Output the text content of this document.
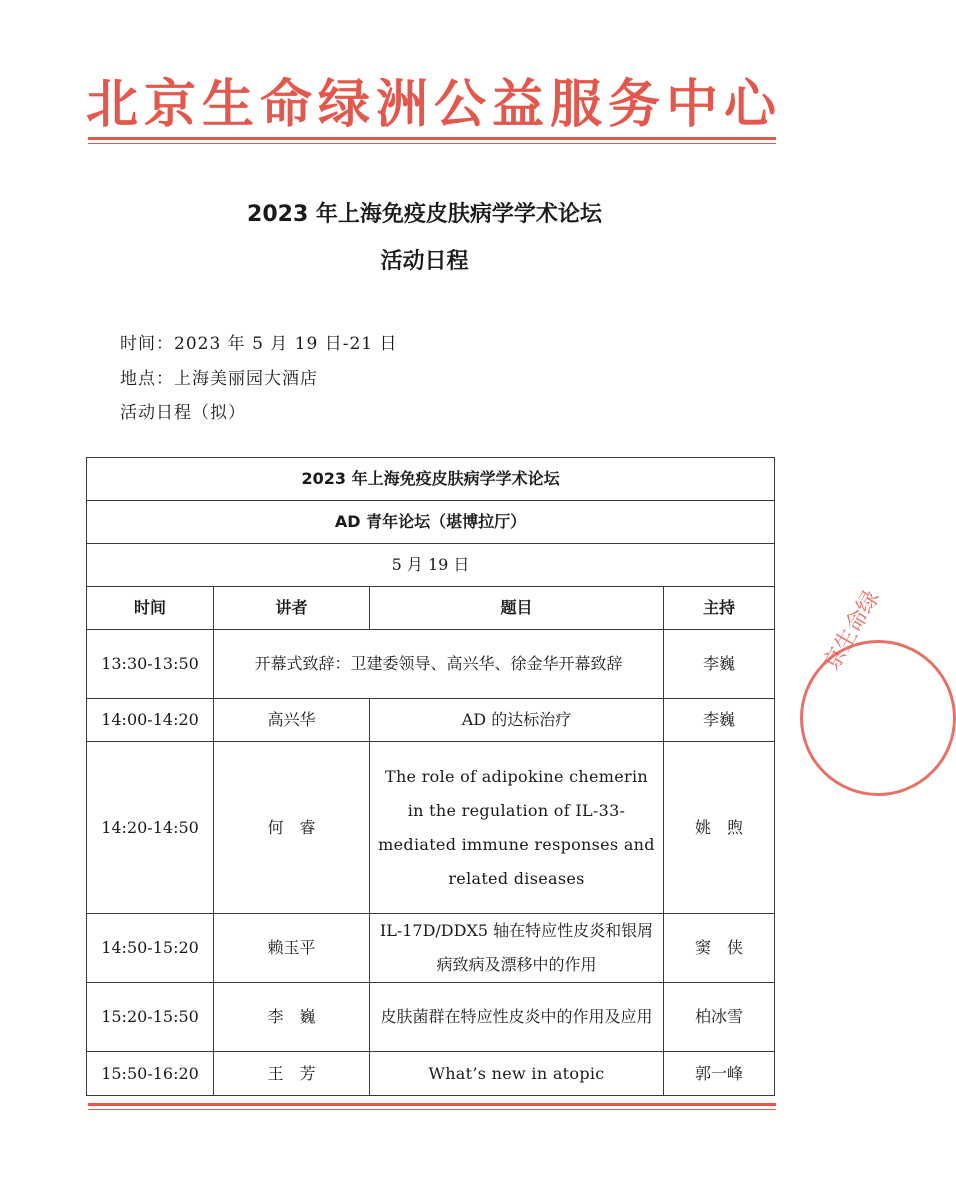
北京生命绿洲公益服务中心
2023 年上海免疫皮肤病学学术论坛
活动日程
时间：2023 年 5 月 19 日-21 日
地点：上海美丽园大酒店
活动日程（拟）
2023 年上海免疫皮肤病学学术论坛			
AD 青年论坛（堪博拉厅）			
5 月 19 日			
时间	讲者	题目	主持
13:30-13:50	开幕式致辞：卫建委领导、高兴华、徐金华开幕致辞		李巍
14:00-14:20	高兴华	AD 的达标治疗	李巍
14:20-14:50	何　睿	The role of adipokine chemerin in the regulation of IL-33-mediated immune responses and related diseases	姚　煦
14:50-15:20	赖玉平	IL-17D/DDX5 轴在特应性皮炎和银屑病致病及漂移中的作用	窦　侠
15:20-15:50	李　巍	皮肤菌群在特应性皮炎中的作用及应用	柏冰雪
15:50-16:20	王　芳	What’s new in atopic	郭一峰
京生命绿
